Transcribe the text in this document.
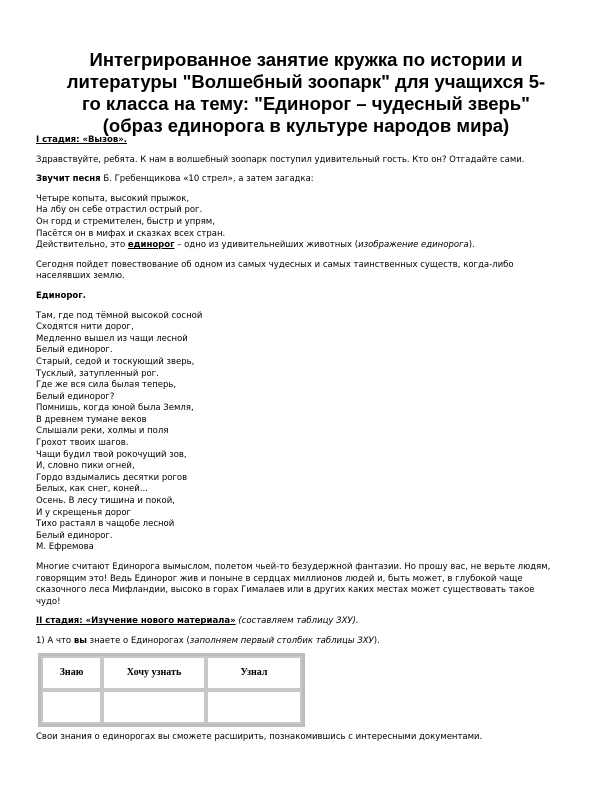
Интегрированное занятие кружка по истории и
литературы "Волшебный зоопарк" для учащихся 5-
го класса на тему: "Единорог – чудесный зверь"
(образ единорога в культуре народов мира)

I стадия: «Вызов».

Здравствуйте, ребята. К нам в волшебный зоопарк поступил удивительный гость. Кто он? Отгадайте сами.

Звучит песня Б. Гребенщикова «10 стрел», а затем загадка:

Четыре копыта, высокий прыжок,

На лбу он себе отрастил острый рог.

Он горд и стремителен, быстр и упрям,

Пасётся он в мифах и сказках всех стран.

Действительно, это единорог – одно из удивительнейших животных (изображение единорога).

Сегодня пойдет повествование об одном из самых чудесных и самых таинственных существ, когда-либо

населявших землю.

Единорог.

Там, где под тёмной высокой сосной

Сходятся нити дорог,

Медленно вышел из чащи лесной

Белый единорог.

Старый, седой и тоскующий зверь,

Тусклый, затупленный рог.

Где же вся сила былая теперь,

Белый единорог?

Помнишь, когда юной была Земля,

В древнем тумане веков

Слышали реки, холмы и поля

Грохот твоих шагов.

Чащи будил твой рокочущий зов,

И, словно пики огней,

Гордо вздымались десятки рогов

Белых, как снег, коней...

Осень. В лесу тишина и покой,

И у скрещенья дорог

Тихо растаял в чащобе лесной

Белый единорог.

М. Ефремова

Многие считают Единорога вымыслом, полетом чьей-то безудержной фантазии. Но прошу вас, не верьте людям,

говорящим это! Ведь Единорог жив и поныне в сердцах миллионов людей и, быть может, в глубокой чаще

сказочного леса Мифландии, высоко в горах Гималаев или в других каких местах может существовать такое

чудо!

II стадия: «Изучение нового материала» (составляем таблицу ЗХУ).

1) А что вы знаете о Единорогах (заполняем первый столбик таблицы ЗХУ).

Знаю	Хочу узнать	Узнал

Свои знания о единорогах вы сможете расширить, познакомившись с интересными документами.
